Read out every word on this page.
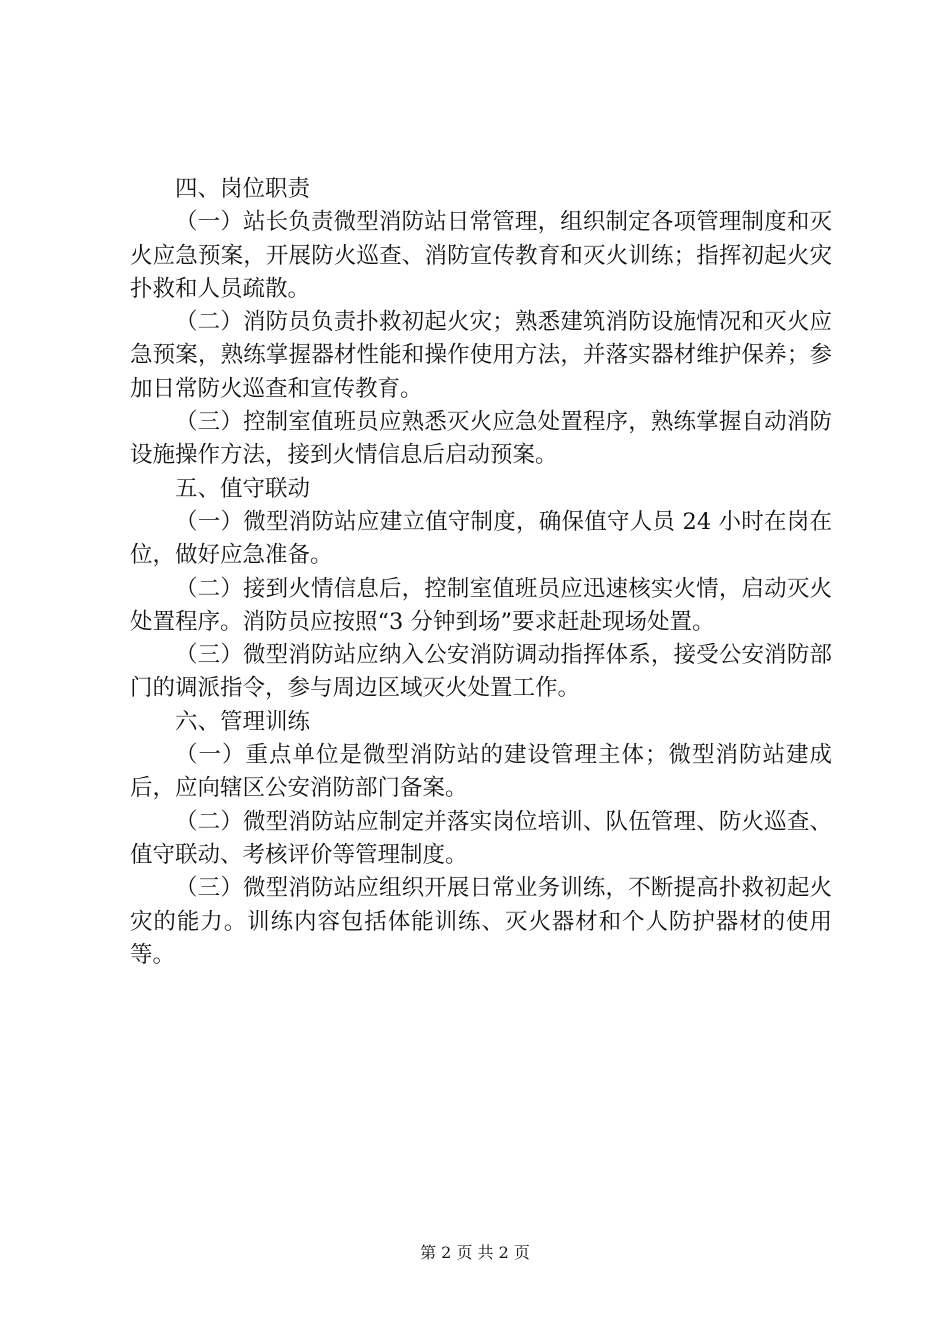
四、岗位职责

（一）站长负责微型消防站日常管理，组织制定各项管理制度和灭火应急预案，开展防火巡查、消防宣传教育和灭火训练；指挥初起火灾扑救和人员疏散。

（二）消防员负责扑救初起火灾；熟悉建筑消防设施情况和灭火应急预案，熟练掌握器材性能和操作使用方法，并落实器材维护保养；参加日常防火巡查和宣传教育。

（三）控制室值班员应熟悉灭火应急处置程序，熟练掌握自动消防设施操作方法，接到火情信息后启动预案。

五、值守联动

（一）微型消防站应建立值守制度，确保值守人员 24 小时在岗在位，做好应急准备。

（二）接到火情信息后，控制室值班员应迅速核实火情，启动灭火处置程序。消防员应按照“3 分钟到场”要求赶赴现场处置。

（三）微型消防站应纳入公安消防调动指挥体系，接受公安消防部门的调派指令，参与周边区域灭火处置工作。

六、管理训练

（一）重点单位是微型消防站的建设管理主体；微型消防站建成后，应向辖区公安消防部门备案。

（二）微型消防站应制定并落实岗位培训、队伍管理、防火巡查、值守联动、考核评价等管理制度。

（三）微型消防站应组织开展日常业务训练，不断提高扑救初起火灾的能力。训练内容包括体能训练、灭火器材和个人防护器材的使用等。

第 2 页 共 2 页
